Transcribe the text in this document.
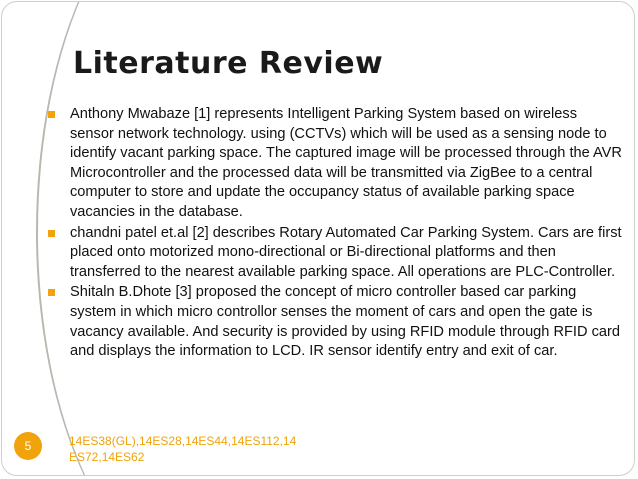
Literature Review
Anthony Mwabaze [1] represents Intelligent Parking System based on wireless sensor network technology. using (CCTVs) which will be used as a sensing node to identify vacant parking space. The captured image will be processed through the AVR Microcontroller and the processed data will be transmitted via ZigBee to a central computer to store and update the occupancy status of available parking space vacancies in the database.
chandni patel et.al [2] describes Rotary Automated Car Parking System. Cars are first placed onto motorized mono-directional or Bi-directional platforms and then transferred to the nearest available parking space. All operations are PLC-Controller.
Shitaln B.Dhote [3] proposed the concept of micro controller based car parking system in which micro controllor senses the moment of cars and open the gate is vacancy available. And security is provided by using RFID module through RFID card and displays the information to LCD. IR sensor identify entry and exit of car.
5	14ES38(GL),14ES28,14ES44,14ES112,14ES72,14ES62
